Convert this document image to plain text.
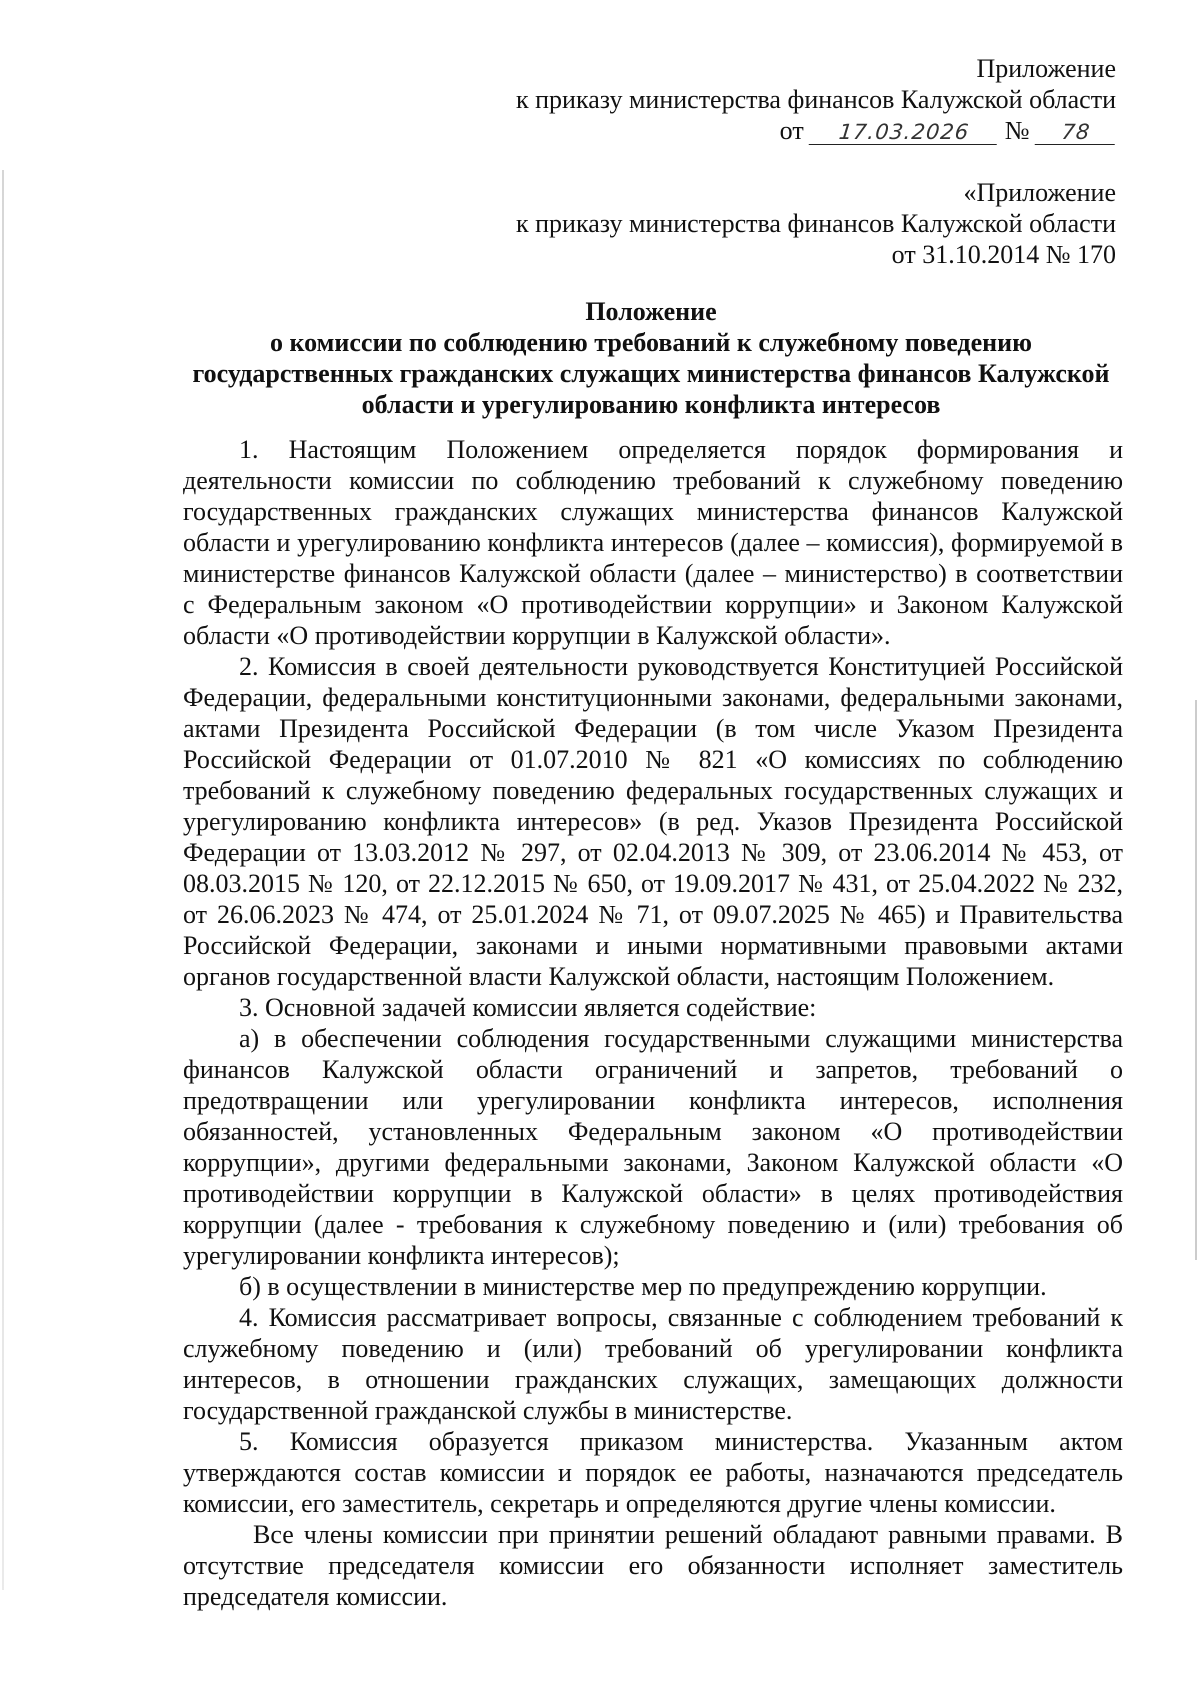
Приложение
к приказу министерства финансов Калужской области
от 17.03.2026 № 78
«Приложение
к приказу министерства финансов Калужской области
от 31.10.2014 № 170
Положение
о комиссии по соблюдению требований к служебному поведению
государственных гражданских служащих министерства финансов Калужской
области и урегулированию конфликта интересов

1. Настоящим Положением определяется порядок формирования и деятельности комиссии по соблюдению требований к служебному поведению государственных гражданских служащих министерства финансов Калужской области и урегулированию конфликта интересов (далее – комиссия), формируемой в министерстве финансов Калужской области (далее – министерство) в соответствии с Федеральным законом «О противодействии коррупции» и Законом Калужской области «О противодействии коррупции в Калужской области».

2. Комиссия в своей деятельности руководствуется Конституцией Российской Федерации, федеральными конституционными законами, федеральными законами, актами Президента Российской Федерации (в том числе Указом Президента Российской Федерации от 01.07.2010 № 821 «О комиссиях по соблюдению требований к служебному поведению федеральных государственных служащих и урегулированию конфликта интересов» (в ред. Указов Президента Российской Федерации от 13.03.2012 № 297, от 02.04.2013 № 309, от 23.06.2014 № 453, от 08.03.2015 № 120, от 22.12.2015 № 650, от 19.09.2017 № 431, от 25.04.2022 № 232, от 26.06.2023 № 474, от 25.01.2024 № 71, от 09.07.2025 № 465) и Правительства Российской Федерации, законами и иными нормативными правовыми актами органов государственной власти Калужской области, настоящим Положением.

3. Основной задачей комиссии является содействие:

а) в обеспечении соблюдения государственными служащими министерства финансов Калужской области ограничений и запретов, требований о предотвращении или урегулировании конфликта интересов, исполнения обязанностей, установленных Федеральным законом «О противодействии коррупции», другими федеральными законами, Законом Калужской области «О противодействии коррупции в Калужской области» в целях противодействия коррупции (далее - требования к служебному поведению и (или) требования об урегулировании конфликта интересов);

б) в осуществлении в министерстве мер по предупреждению коррупции.

4. Комиссия рассматривает вопросы, связанные с соблюдением требований к служебному поведению и (или) требований об урегулировании конфликта интересов, в отношении гражданских служащих, замещающих должности государственной гражданской службы в министерстве.

5. Комиссия образуется приказом министерства. Указанным актом утверждаются состав комиссии и порядок ее работы, назначаются председатель комиссии, его заместитель, секретарь и определяются другие члены комиссии.

Все члены комиссии при принятии решений обладают равными правами. В отсутствие председателя комиссии его обязанности исполняет заместитель председателя комиссии.
